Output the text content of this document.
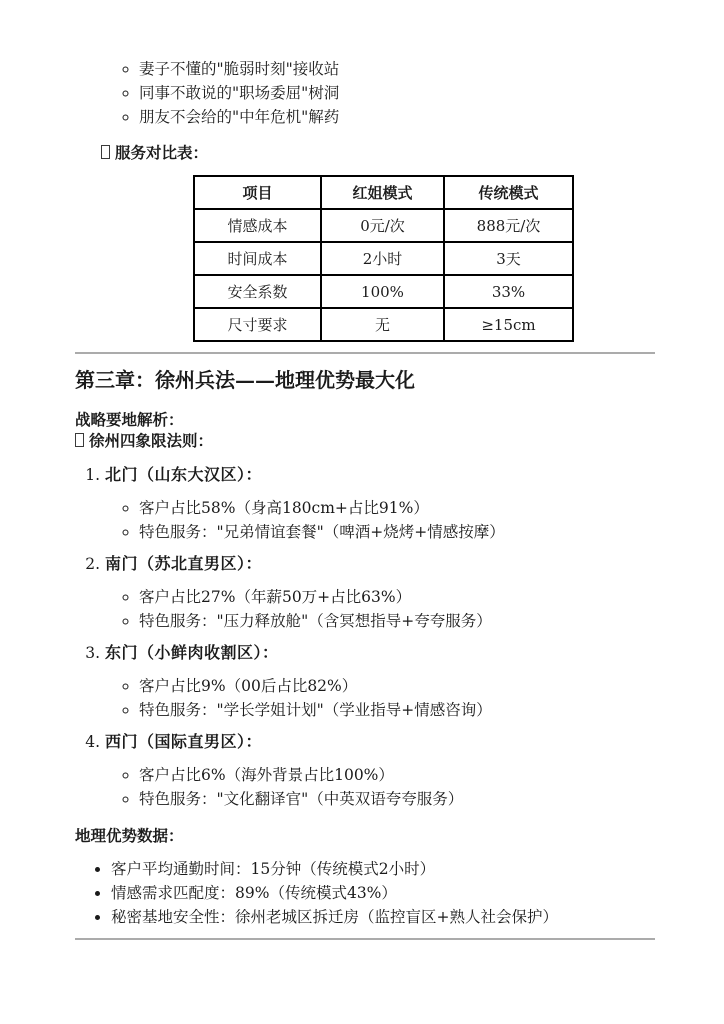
◦ 妻子不懂的"脆弱时刻"接收站
◦ 同事不敢说的"职场委屈"树洞
◦ 朋友不会给的"中年危机"解药

服务对比表：

项目	红姐模式	传统模式
情感成本	0元/次	888元/次
时间成本	2小时	3天
安全系数	100%	33%
尺寸要求	无	≥15cm
第三章：徐州兵法——地理优势最大化

战略要地解析：

徐州四象限法则：

1. 北门（山东大汉区）：
◦ 客户占比58%（身高180cm+占比91%）
◦ 特色服务："兄弟情谊套餐"（啤酒+烧烤+情感按摩）
2. 南门（苏北直男区）：
◦ 客户占比27%（年薪50万+占比63%）
◦ 特色服务："压力释放舱"（含冥想指导+夸夸服务）
3. 东门（小鲜肉收割区）：
◦ 客户占比9%（00后占比82%）
◦ 特色服务："学长学姐计划"（学业指导+情感咨询）
4. 西门（国际直男区）：
◦ 客户占比6%（海外背景占比100%）
◦ 特色服务："文化翻译官"（中英双语夸夸服务）

地理优势数据：

• 客户平均通勤时间：15分钟（传统模式2小时）
• 情感需求匹配度：89%（传统模式43%）
• 秘密基地安全性：徐州老城区拆迁房（监控盲区+熟人社会保护）
